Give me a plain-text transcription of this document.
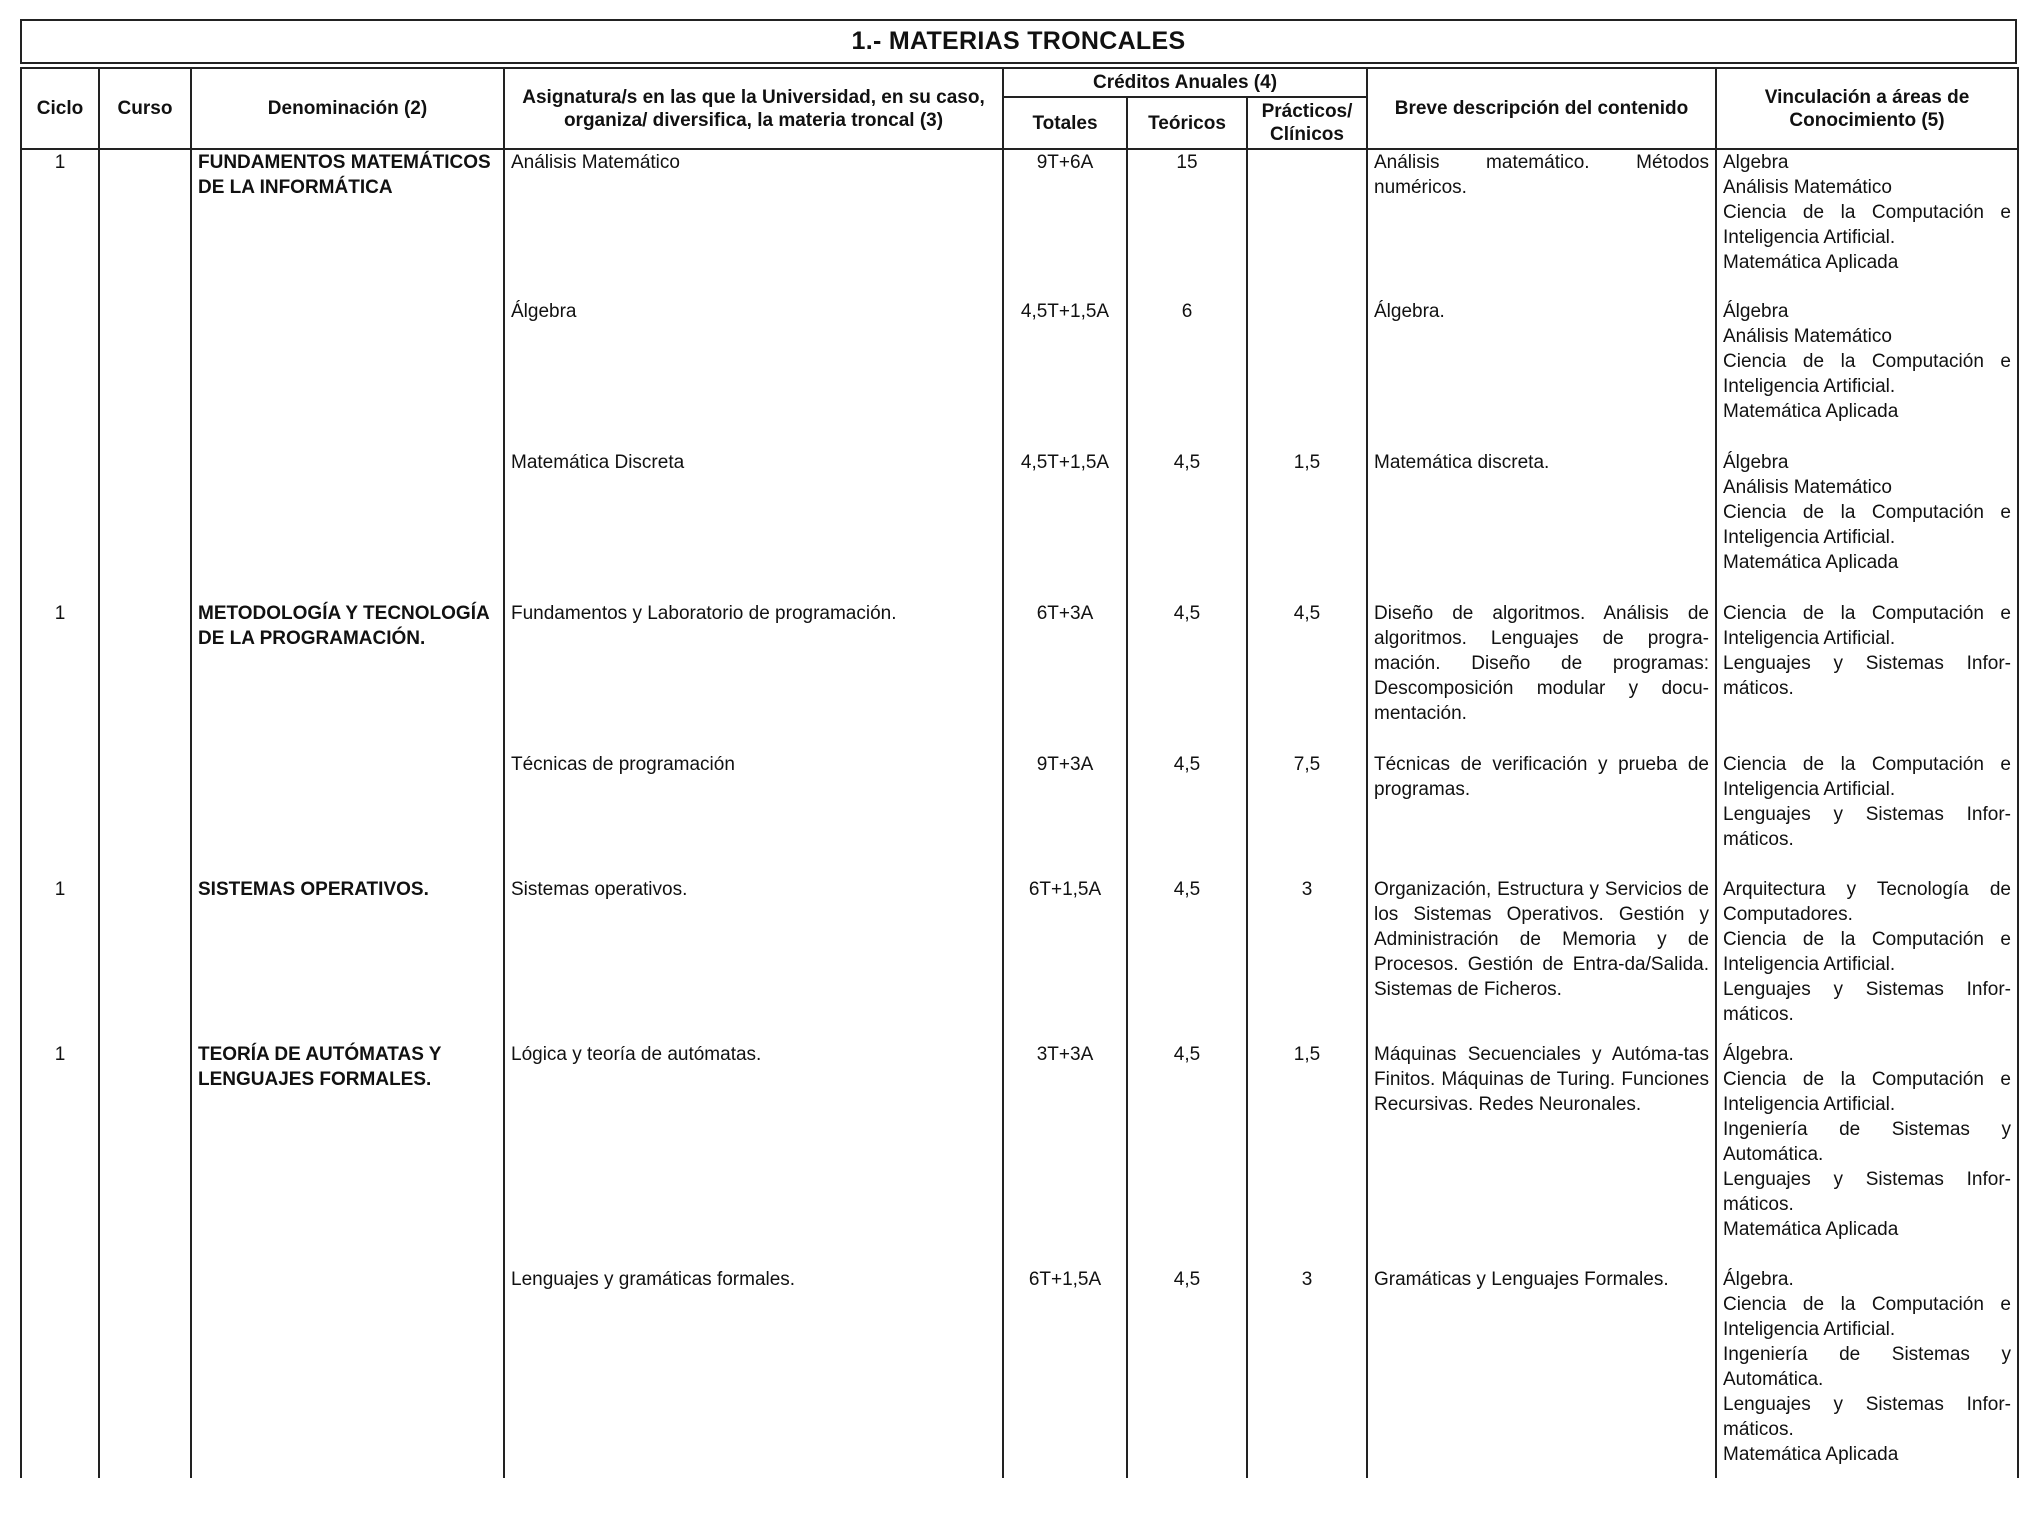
1.- MATERIAS TRONCALES
Ciclo	Curso	Denominación (2)	Asignatura/s en las que la Universidad, en su caso, organiza/ diversifica, la materia troncal (3)	Créditos Anuales (4)			Breve descripción del contenido	Vinculación a áreas de Conocimiento (5)
				Totales	Teóricos	Prácticos/ Clínicos		
1		FUNDAMENTOS MATEMÁTICOS DE LA INFORMÁTICA	Análisis Matemático	9T+6A	15		Análisis matemático. Métodos numéricos.	Algebra
Análisis Matemático
Ciencia de la Computación e Inteligencia Artificial.
Matemática Aplicada

			Álgebra	4,5T+1,5A	6		Álgebra.	Álgebra
Análisis Matemático
Ciencia de la Computación e Inteligencia Artificial.
Matemática Aplicada

			Matemática Discreta	4,5T+1,5A	4,5	1,5	Matemática discreta.	Álgebra
Análisis Matemático
Ciencia de la Computación e Inteligencia Artificial.
Matemática Aplicada

1		METODOLOGÍA Y TECNOLOGÍA DE LA PROGRAMACIÓN.	Fundamentos y Laboratorio de programación.	6T+3A	4,5	4,5	Diseño de algoritmos. Análisis de algoritmos. Lenguajes de progra-mación. Diseño de programas: Descomposición modular y docu-mentación.	Ciencia de la Computación e Inteligencia Artificial.
Lenguajes y Sistemas Infor-máticos.

			Técnicas de programación	9T+3A	4,5	7,5	Técnicas de verificación y prueba de programas.	Ciencia de la Computación e Inteligencia Artificial.
Lenguajes y Sistemas Infor-máticos.

1		SISTEMAS OPERATIVOS.	Sistemas operativos.	6T+1,5A	4,5	3	Organización, Estructura y Servicios de los Sistemas Operativos. Gestión y Administración de Memoria y de Procesos. Gestión de Entra-da/Salida. Sistemas de Ficheros.	Arquitectura y Tecnología de Computadores.
Ciencia de la Computación e Inteligencia Artificial.
Lenguajes y Sistemas Infor-máticos.

1		TEORÍA DE AUTÓMATAS Y LENGUAJES FORMALES.	Lógica y teoría de autómatas.	3T+3A	4,5	1,5	Máquinas Secuenciales y Autóma-tas Finitos. Máquinas de Turing. Funciones Recursivas. Redes Neuronales.	Álgebra.
Ciencia de la Computación e Inteligencia Artificial.
Ingeniería de Sistemas y Automática.
Lenguajes y Sistemas Infor-máticos.
Matemática Aplicada

			Lenguajes y gramáticas formales.	6T+1,5A	4,5	3	Gramáticas y Lenguajes Formales.	Álgebra.
Ciencia de la Computación e Inteligencia Artificial.
Ingeniería de Sistemas y Automática.
Lenguajes y Sistemas Infor-máticos.
Matemática Aplicada
